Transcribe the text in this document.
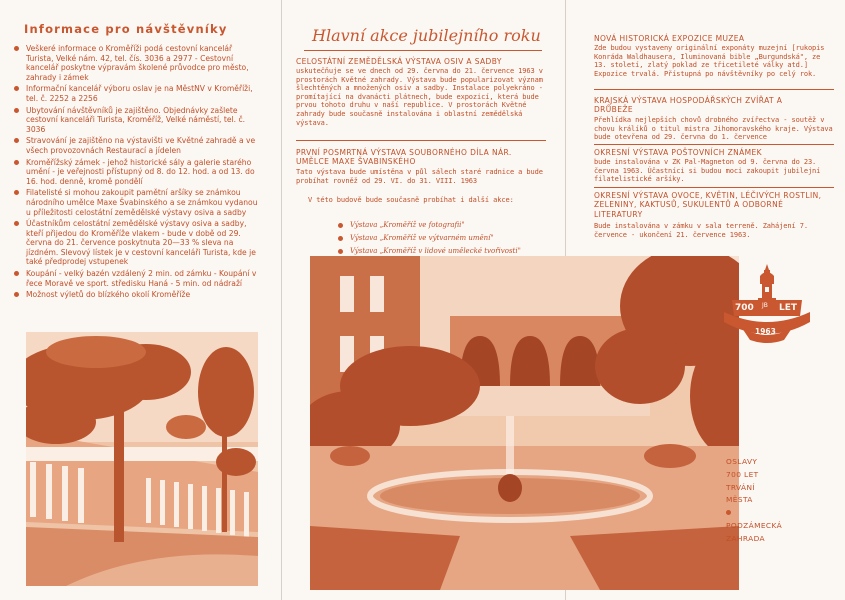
Informace pro návštěvníky
Veškeré informace o Kroměříži podá cestovní kancelář Turista, Velké nám. 42, tel. čís. 3036 a 2977 - Cestovní kancelář poskytne výpravám školené průvodce pro město, zahrady i zámek
Informační kancelář výboru oslav je na MěstNV v Kroměříži, tel. č. 2252 a 2256
Ubytování návštěvníků je zajištěno. Objednávky zašlete cestovní kanceláři Turista, Kroměříž, Velké náměstí, tel. č. 3036
Stravování je zajištěno na výstavišti ve Květné zahradě a ve všech provozovnách Restaurací a jídelen
Kroměřížský zámek - jehož historické sály a galerie starého umění - je veřejnosti přístupný od 8. do 12. hod. a od 13. do 16. hod. denně, kromě pondělí
Filatelisté si mohou zakoupit pamětní aršíky se známkou národního umělce Maxe Švabinského a se známkou vydanou u příležitosti celostátní zemědělské výstavy osiva a sadby
Účastníkům celostátní zemědělské výstavy osiva a sadby, kteří přijedou do Kroměříže vlakem - bude v době od 29. června do 21. července poskytnuta 20—33 % sleva na jízdném. Slevový lístek je v cestovní kanceláři Turista, kde je také předprodej vstupenek
Koupání - velký bazén vzdálený 2 min. od zámku - Koupání v řece Moravě ve sport. středisku Haná - 5 min. od nádraží
Možnost výletů do blízkého okolí Kroměříže
Hlavní akce jubilejního roku
CELOSTÁTNÍ ZEMĚDĚLSKÁ VÝSTAVA OSIV A SADBY
uskutečňuje se ve dnech od 29. června do 21. července 1963 v prostorách Květné zahrady. Výstava bude popularizovat význam šlechtěných a množených osiv a sadby. Instalace polyekráno - promítající na dvanácti plátnech, bude expozicí, která bude prvou tohoto druhu v naší republice. V prostorách Květné zahrady bude současně instalována i oblastní zemědělská výstava.
PRVNÍ POSMRTNÁ VÝSTAVA SOUBORNÉHO DÍLA NÁR. UMĚLCE MAXE ŠVABINSKÉHO
Tato výstava bude umístěna v půl sálech staré radnice a bude probíhat rovněž od 29. VI. do 31. VIII. 1963
V této budově bude současně probíhat i další akce:
Výstava „Kroměříž ve fotografii"
Výstava „Kroměříž ve výtvarném umění"
Výstava „Kroměříž v lidové umělecké tvořivosti"
NOVÁ HISTORICKÁ EXPOZICE MUZEA
Zde budou vystaveny originální exponáty muzejní [rukopis Konráda Waldhausera, Iluminovaná bible „Burgundská", ze 13. století, zlatý poklad ze třicetileté války atd.] Expozice trvalá. Přístupná po návštěvníky po celý rok.
KRAJSKÁ VÝSTAVA HOSPODÁŘSKÝCH ZVÍŘAT A DRŮBEŽE
Přehlídka nejlepších chovů drobného zvířectva - soutěž v chovu králíků o titul mistra Jihomoravského kraje. Výstava bude otevřena od 29. června do 1. července
OKRESNÍ VÝSTAVA POŠTOVNÍCH ZNÁMEK
bude instalována v ZK Pal-Magneton od 9. června do 23. června 1963. Účastníci si budou moci zakoupit jubilejní filatelistické aršíky.
OKRESNÍ VÝSTAVA OVOCE, KVĚTIN, LÉČIVÝCH ROSTLIN, ZELENINY, KAKTUSŮ, SUKULENTŮ A ODBORNÉ LITERATURY
Bude instalována v zámku v sala terreně. Zahájení 7. července - ukončení 21. července 1963.
700	LET
JB
1963
OSLAVY
700 LET
TRVÁNÍ
MĚSTA
PODZÁMECKÁ
ZAHRADA
